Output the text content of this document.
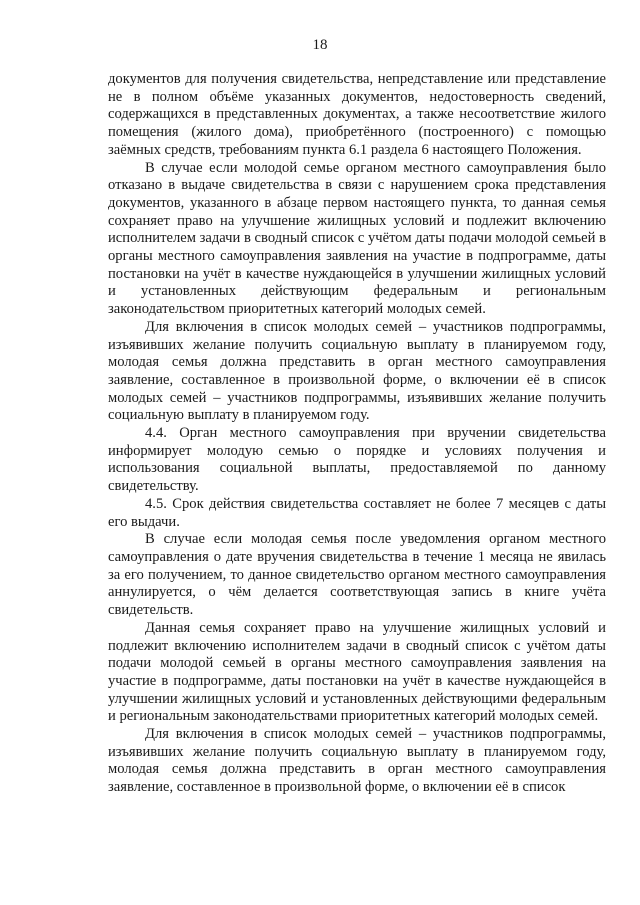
18

документов для получения свидетельства, непредставление или представление не в полном объёме указанных документов, недостоверность сведений, содержащихся в представленных документах, а также несоответствие жилого помещения (жилого дома), приобретённого (построенного) с помощью заёмных средств, требованиям пункта 6.1 раздела 6 настоящего Положения.

В случае если молодой семье органом местного самоуправления было отказано в выдаче свидетельства в связи с нарушением срока представления документов, указанного в абзаце первом настоящего пункта, то данная семья сохраняет право на улучшение жилищных условий и подлежит включению исполнителем задачи в сводный список с учётом даты подачи молодой семьей в органы местного самоуправления заявления на участие в подпрограмме, даты постановки на учёт в качестве нуждающейся в улучшении жилищных условий и установленных действующим федеральным и региональным законодательством приоритетных категорий молодых семей.

Для включения в список молодых семей – участников подпрограммы, изъявивших желание получить социальную выплату в планируемом году, молодая семья должна представить в орган местного самоуправления заявление, составленное в произвольной форме, о включении её в список молодых семей – участников подпрограммы, изъявивших желание получить социальную выплату в планируемом году.

4.4. Орган местного самоуправления при вручении свидетельства информирует молодую семью о порядке и условиях получения и использования социальной выплаты, предоставляемой по данному свидетельству.

4.5. Срок действия свидетельства составляет не более 7 месяцев с даты его выдачи.

В случае если молодая семья после уведомления органом местного самоуправления о дате вручения свидетельства в течение 1 месяца не явилась за его получением, то данное свидетельство органом местного самоуправления аннулируется, о чём делается соответствующая запись в книге учёта свидетельств.

Данная семья сохраняет право на улучшение жилищных условий и подлежит включению исполнителем задачи в сводный список с учётом даты подачи молодой семьей в органы местного самоуправления заявления на участие в подпрограмме, даты постановки на учёт в качестве нуждающейся в улучшении жилищных условий и установленных действующими федеральным и региональным законодательствами приоритетных категорий молодых семей.

Для включения в список молодых семей – участников подпрограммы, изъявивших желание получить социальную выплату в планируемом году, молодая семья должна представить в орган местного самоуправления заявление, составленное в произвольной форме, о включении её в список
